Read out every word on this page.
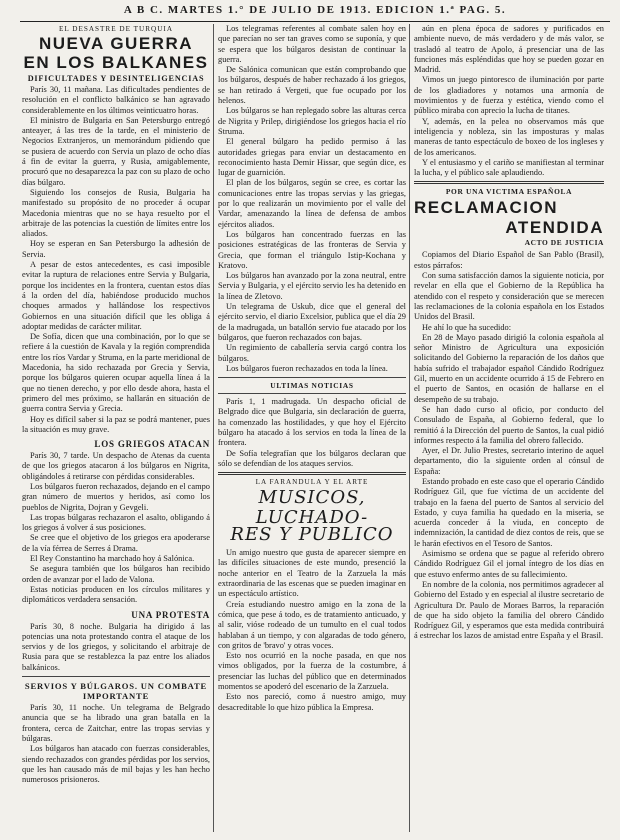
A B C. MARTES 1.° DE JULIO DE 1913. EDICION 1.ª PAG. 5.
EL DESASTRE DE TURQUIA
NUEVA GUERRA
EN LOS BALKANES
DIFICULTADES Y DESINTELIGENCIAS

París 30, 11 mañana. Las dificultades pendientes de resolución en el conflicto balkánico se han agravado considerablemente en los últimos veinticuatro horas.

El ministro de Bulgaria en San Petersburgo entregó anteayer, á las tres de la tarde, en el ministerio de Negocios Extranjeros, un memorándum pidiendo que se pusiera de acuerdo con Servia un plazo de ocho días á fin de evitar la guerra, y Rusia, amigablemente, procuró que no desaparezca la paz con su plazo de ocho días búlgaro.

Siguiendo los consejos de Rusia, Bulgaria ha manifestado su propósito de no proceder á ocupar Macedonia mientras que no se haya resuelto por el arbitraje de las potencias la cuestión de límites entre los aliados.

Hoy se esperan en San Petersburgo la adhesión de Servia.

A pesar de estos antecedentes, es casi imposible evitar la ruptura de relaciones entre Servia y Bulgaria, porque los incidentes en la frontera, cuentan estos días á la orden del día, habiéndose producido muchos choques armados y hallándose los respectivos Gobiernos en una situación difícil que les obliga á adoptar medidas de carácter militar.

De Sofía, dicen que una combinación, por lo que se refiere á la cuestión de Kavala y la región comprendida entre los ríos Vardar y Struma, en la parte meridional de Macedonia, ha sido rechazada por Grecia y Servia, porque los búlgaros quieren ocupar aquella línea á la que no tienen derecho, y por ello desde ahora, hasta el primero del mes próximo, se hallarán en situación de guerra contra Servia y Grecia.

Hoy es difícil saber si la paz se podrá mantener, pues la situación es muy grave.

LOS GRIEGOS ATACAN

París 30, 7 tarde. Un despacho de Atenas da cuenta de que los griegos atacaron á los búlgaros en Nigrita, obligándoles á retirarse con pérdidas considerables.

Los búlgaros fueron rechazados, dejando en el campo gran número de muertos y heridos, así como los pueblos de Nigrita, Dojran y Gevgeli.

Las tropas búlgaras rechazaron el asalto, obligando á los griegos á volver á sus posiciones.

Se cree que el objetivo de los griegos era apoderarse de la vía férrea de Serres á Drama.

El Rey Constantino ha marchado hoy á Salónica.

Se asegura también que los búlgaros han recibido orden de avanzar por el lado de Valona.

Estas noticias producen en los círculos militares y diplomáticos verdadera sensación.

UNA PROTESTA

París 30, 8 noche. Bulgaria ha dirigido á las potencias una nota protestando contra el ataque de los servios y de los griegos, y solicitando el arbitraje de Rusia para que se restablezca la paz entre los aliados balkánicos.

SERVIOS Y BÚLGAROS. UN COMBATE IMPORTANTE

París 30, 11 noche. Un telegrama de Belgrado anuncia que se ha librado una gran batalla en la frontera, cerca de Zaitchar, entre las tropas servias y búlgaras.

Los búlgaros han atacado con fuerzas considerables, siendo rechazados con grandes pérdidas por los servios, que les han causado más de mil bajas y les han hecho numerosos prisioneros.

Los telegramas referentes al combate salen hoy en que parecían no ser tan graves como se suponía, y que se espera que los búlgaros desistan de continuar la guerra.

De Salónica comunican que están comprobando que los búlgaros, después de haber rechazado á los griegos, se han retirado á Vergeti, que fue ocupado por los helenos.

Los búlgaros se han replegado sobre las alturas cerca de Nigrita y Prilep, dirigiéndose los griegos hacia el río Struma.

El general búlgaro ha pedido permiso á las autoridades griegas para enviar un destacamento en reconocimiento hasta Demir Hissar, que según dice, es lugar de guarnición.

El plan de los búlgaros, según se cree, es cortar las comunicaciones entre las tropas servias y las griegas, por lo que realizarán un movimiento por el valle del Vardar, amenazando la línea de defensa de ambos ejércitos aliados.

Los búlgaros han concentrado fuerzas en las posiciones estratégicas de las fronteras de Servia y Grecia, que forman el triángulo Istip-Kochana y Kratovo.

Los búlgaros han avanzado por la zona neutral, entre Servia y Bulgaria, y el ejército servio les ha detenido en la línea de Zletovo.

Un telegrama de Uskub, dice que el general del ejército servio, el diario Excelsior, publica que el día 29 de la madrugada, un batallón servio fue atacado por los búlgaros, que fueron rechazados con bajas.

Un regimiento de caballería servia cargó contra los búlgaros.

Los búlgaros fueron rechazados en toda la línea.

ULTIMAS NOTICIAS

París 1, 1 madrugada. Un despacho oficial de Belgrado dice que Bulgaria, sin declaración de guerra, ha comenzado las hostilidades, y que hoy el Ejército búlgaro ha atacado á los servios en toda la línea de la frontera.

De Sofía telegrafían que los búlgaros declaran que sólo se defendían de los ataques servios.

LA FARANDULA Y EL ARTE
MUSICOS, LUCHADO-
RES Y PUBLICO

Un amigo nuestro que gusta de aparecer siempre en las difíciles situaciones de este mundo, presenció la noche anterior en el Teatro de la Zarzuela la más extraordinaria de las escenas que se pueden imaginar en un espectáculo artístico.

Creía estudiando nuestro amigo en la zona de la cómica, que pese á todo, es de tratamiento anticuado, y al salir, vióse rodeado de un tumulto en el cual todos hablaban á un tiempo, y con algaradas de todo género, con gritos de 'bravo' y otras voces.

Esto nos ocurrió en la noche pasada, en que nos vimos obligados, por la fuerza de la costumbre, á presenciar las luchas del público que en determinados momentos se apoderó del escenario de la Zarzuela.

Esto nos pareció, como á nuestro amigo, muy desacreditable lo que hizo pública la Empresa.

aún en plena época de sadores y purificados en ambiente nuevo, de más verdadero y de más valor, se trasladó al teatro de Apolo, á presenciar una de las funciones más espléndidas que hoy se pueden gozar en Madrid.

Vimos un juego pintoresco de iluminación por parte de los gladiadores y notamos una armonía de movimientos y de fuerza y estética, viendo como el público miraba con aprecio la lucha de titanes.

Y, además, en la pelea no observamos más que inteligencia y nobleza, sin las imposturas y malas maneras de tanto espectáculo de boxeo de los ingleses y de los americanos.

Y el entusiasmo y el cariño se manifiestan al terminar la lucha, y el público sale aplaudiendo.

POR UNA VICTIMA ESPAÑOLA
RECLAMACION
ATENDIDA
ACTO DE JUSTICIA

Copiamos del Diario Español de San Pablo (Brasil), estos párrafos:

Con suma satisfacción damos la siguiente noticia, por revelar en ella que el Gobierno de la República ha atendido con el respeto y consideración que se merecen las reclamaciones de la colonia española en los Estados Unidos del Brasil.

He ahí lo que ha sucedido:

En 28 de Mayo pasado dirigió la colonia española al señor Ministro de Agricultura una exposición solicitando del Gobierno la reparación de los daños que había sufrido el trabajador español Cándido Rodríguez Gil, muerto en un accidente ocurrido á 15 de Febrero en el puerto de Santos, en ocasión de hallarse en el desempeño de su trabajo.

Se han dado curso al oficio, por conducto del Consulado de España, al Gobierno federal, que lo remitió á la Dirección del puerto de Santos, la cual pidió informes respecto á la familia del obrero fallecido.

Ayer, el Dr. Julio Prestes, secretario interino de aquel departamento, dio la siguiente orden al cónsul de España:

Estando probado en este caso que el operario Cándido Rodríguez Gil, que fue víctima de un accidente del trabajo en la faena del puerto de Santos al servicio del Estado, y cuya familia ha quedado en la miseria, se acuerda conceder á la viuda, en concepto de indemnización, la cantidad de diez contos de reis, que se le harán efectivos en el Tesoro de Santos.

Asimismo se ordena que se pague al referido obrero Cándido Rodríguez Gil el jornal íntegro de los días en que estuvo enfermo antes de su fallecimiento.

En nombre de la colonia, nos permitimos agradecer al Gobierno del Estado y en especial al ilustre secretario de Agricultura Dr. Paulo de Moraes Barros, la reparación de que ha sido objeto la familia del obrero Cándido Rodríguez Gil, y esperamos que esta medida contribuirá á estrechar los lazos de amistad entre España y el Brasil.
